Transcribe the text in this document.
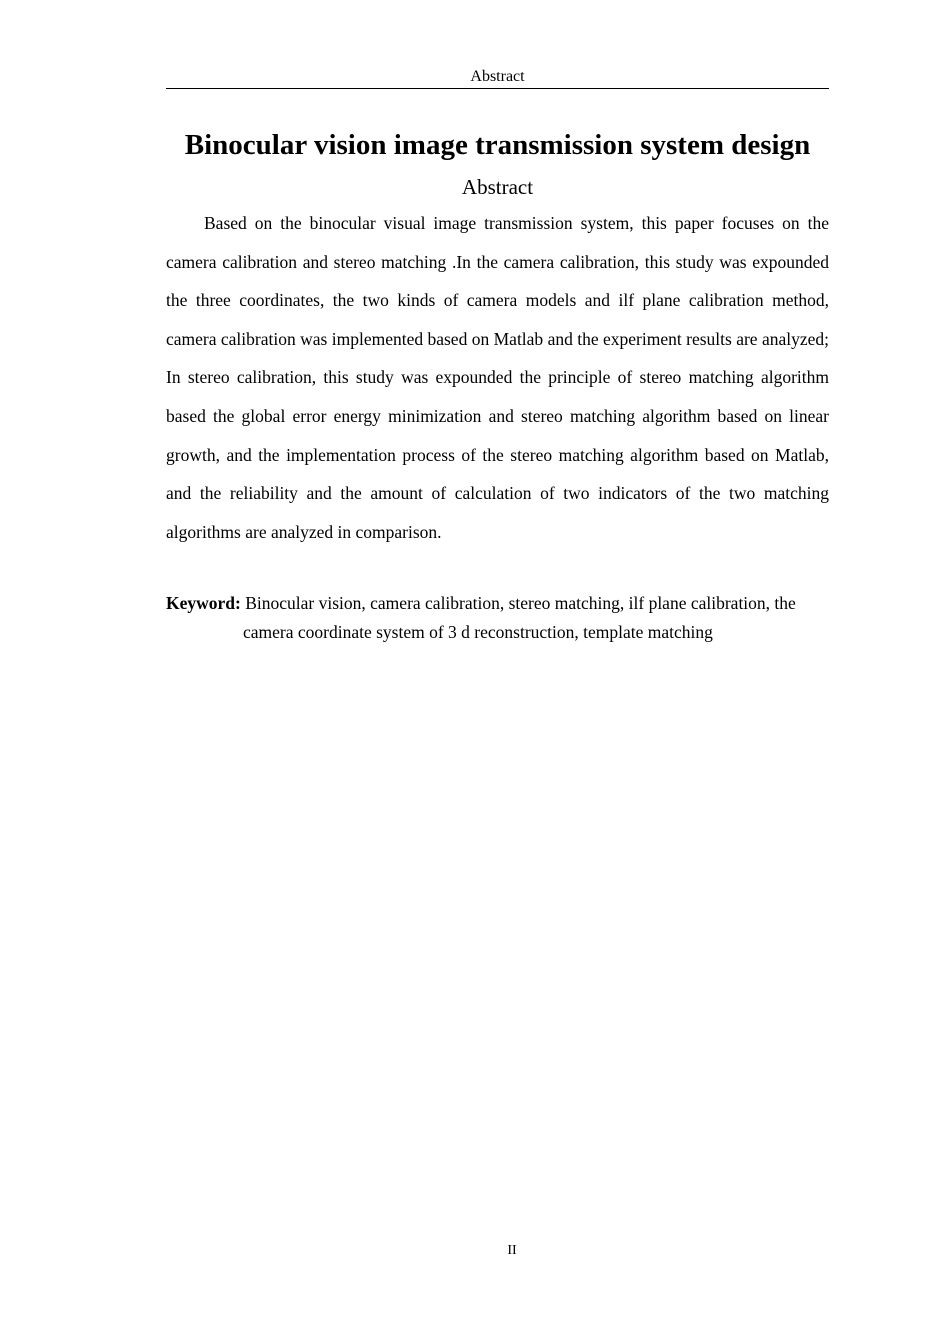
Abstract
Binocular vision image transmission system design
Abstract

Based on the binocular visual image transmission system, this paper focuses on the camera calibration and stereo matching .In the camera calibration, this study was expounded the three coordinates, the two kinds of camera models and ilf plane calibration method, camera calibration was implemented based on Matlab and the experiment results are analyzed; In stereo calibration, this study was expounded the principle of stereo matching algorithm based the global error energy minimization and stereo matching algorithm based on linear growth, and the implementation process of the stereo matching algorithm based on Matlab, and the reliability and the amount of calculation of two indicators of the two matching algorithms are analyzed in comparison.

Keyword: Binocular vision, camera calibration, stereo matching, ilf plane calibration, the camera coordinate system of 3 d reconstruction, template matching
II
